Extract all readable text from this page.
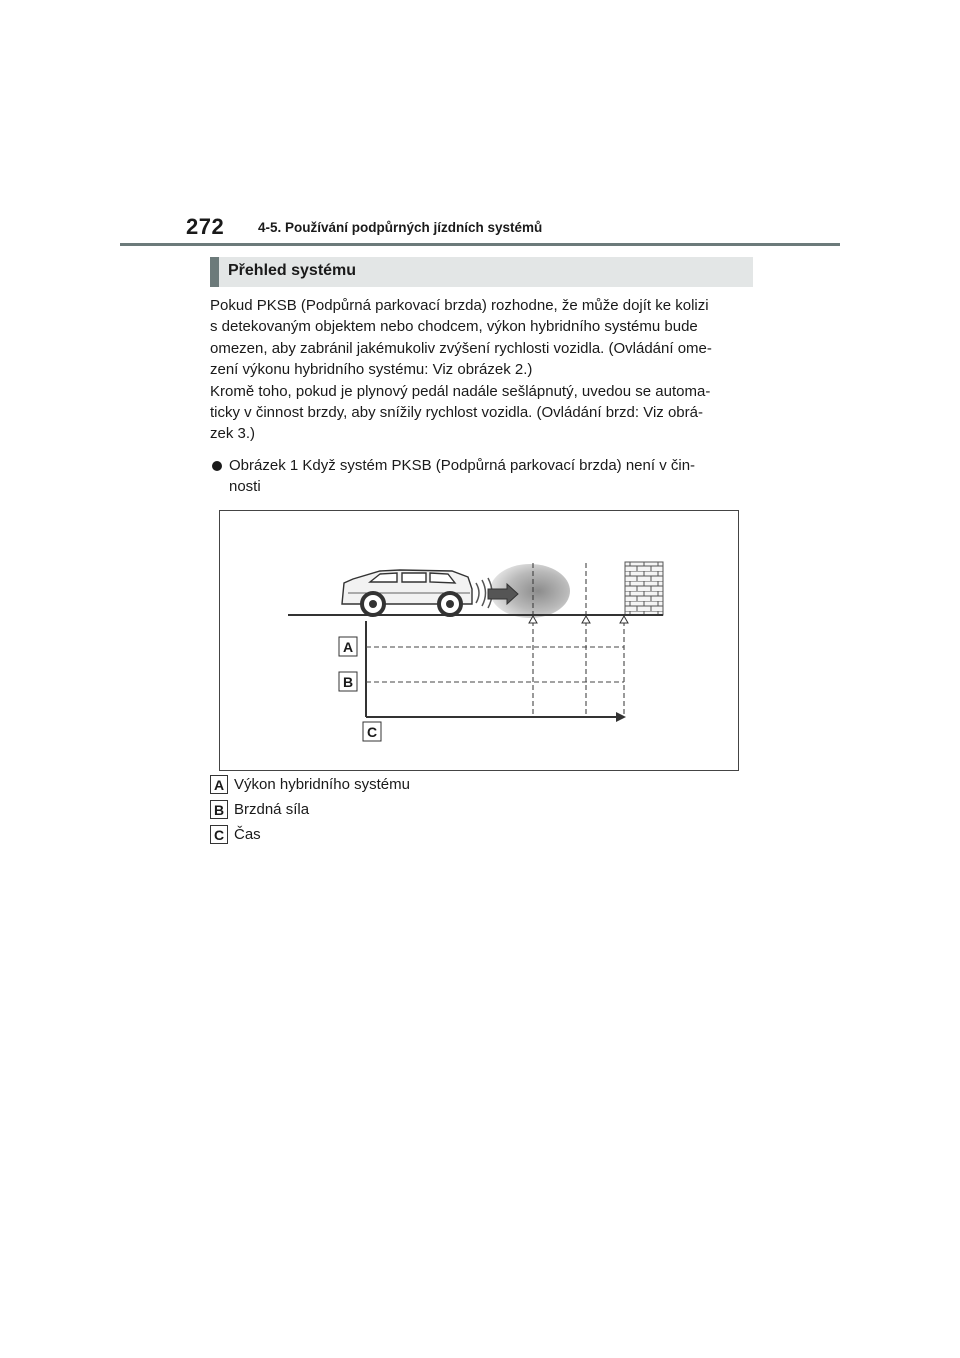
272	4-5. Používání podpůrných jízdních systémů
Přehled systému
Pokud PKSB (Podpůrná parkovací brzda) rozhodne, že může dojít ke kolizi
s detekovaným objektem nebo chodcem, výkon hybridního systému bude
omezen, aby zabránil jakémukoliv zvýšení rychlosti vozidla. (Ovládání ome-
zení výkonu hybridního systému: Viz obrázek 2.)
Kromě toho, pokud je plynový pedál nadále sešlápnutý, uvedou se automa-
ticky v činnost brzdy, aby snížily rychlost vozidla. (Ovládání brzd: Viz obrá-
zek 3.)
Obrázek 1 Když systém PKSB (Podpůrná parkovací brzda) není v čin-
nosti
A
B
C
A Výkon hybridního systému
B Brzdná síla
C Čas
